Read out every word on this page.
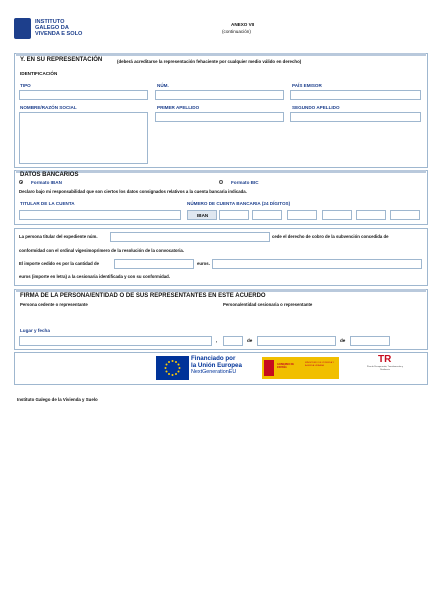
INSTITUTO
GALEGO DA
VIVENDA E SOLO
ANEXO VII
(continuación)
Y. EN SU REPRESENTACIÓN	(deberá acreditarse la representación fehaciente por cualquier medio válido en derecho)
IDENTIFICACIÓN
TIPO	NÚM.	PAÍS EMISOR
NOMBRE/RAZÓN SOCIAL	PRIMER APELLIDO	SEGUNDO APELLIDO
DATOS BANCARIOS
Formato IBAN	Formato BIC
Declaro bajo mi responsabilidad que son ciertos los datos consignados relativos a la cuenta bancaria indicada.
TITULAR DE LA CUENTA	NÚMERO DE CUENTA BANCARIA (24 DÍGITOS)
IBAN
La persona titular del expediente núm.	cede el derecho de cobro de la subvención concedida de
conformidad con el ordinal vigesimoprimero de la resolución de la convocatoria.
El importe cedido es por la cantidad de	euros.
euros (importe en letra) a la cesionaria identificada y con su conformidad.
FIRMA DE LA PERSONA/ENTIDAD O DE SUS REPRESENTANTES EN ESTE ACUERDO
Persona cedente o representante	Persona/entidad cesionaria o representante
Lugar y fecha
,	de	de
Financiado por
la Unión Europea
NextGenerationEU
GOBIERNO DE ESPAÑA
MINISTERIO DE VIVIENDA Y AGENDA URBANA
TR
Plan de Recuperación, Transformación y Resiliencia
Instituto Galego de la Vivienda y Suelo
